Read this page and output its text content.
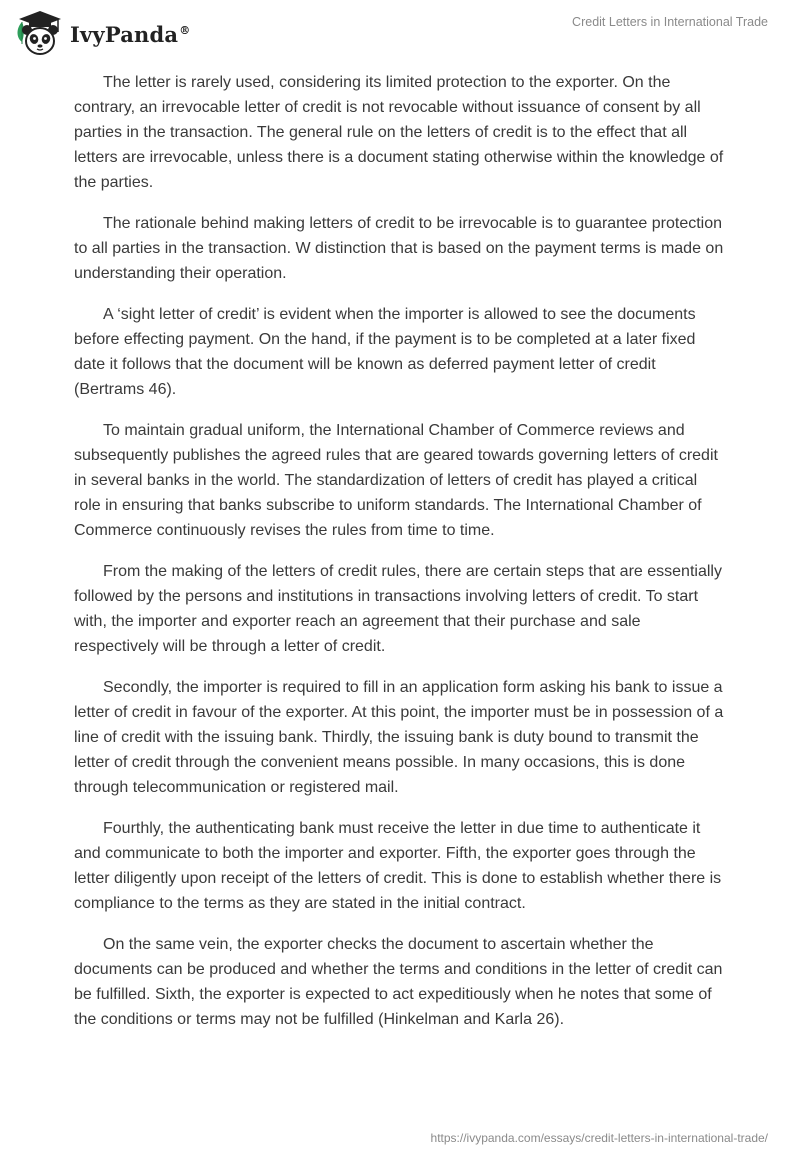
IvyPanda®
Credit Letters in International Trade

The letter is rarely used, considering its limited protection to the exporter. On the contrary, an irrevocable letter of credit is not revocable without issuance of consent by all parties in the transaction. The general rule on the letters of credit is to the effect that all letters are irrevocable, unless there is a document stating otherwise within the knowledge of the parties.

The rationale behind making letters of credit to be irrevocable is to guarantee protection to all parties in the transaction. W distinction that is based on the payment terms is made on understanding their operation.

A ‘sight letter of credit’ is evident when the importer is allowed to see the documents before effecting payment. On the hand, if the payment is to be completed at a later fixed date it follows that the document will be known as deferred payment letter of credit (Bertrams 46).

To maintain gradual uniform, the International Chamber of Commerce reviews and subsequently publishes the agreed rules that are geared towards governing letters of credit in several banks in the world. The standardization of letters of credit has played a critical role in ensuring that banks subscribe to uniform standards. The International Chamber of Commerce continuously revises the rules from time to time.

From the making of the letters of credit rules, there are certain steps that are essentially followed by the persons and institutions in transactions involving letters of credit. To start with, the importer and exporter reach an agreement that their purchase and sale respectively will be through a letter of credit.

Secondly, the importer is required to fill in an application form asking his bank to issue a letter of credit in favour of the exporter. At this point, the importer must be in possession of a line of credit with the issuing bank. Thirdly, the issuing bank is duty bound to transmit the letter of credit through the convenient means possible. In many occasions, this is done through telecommunication or registered mail.

Fourthly, the authenticating bank must receive the letter in due time to authenticate it and communicate to both the importer and exporter. Fifth, the exporter goes through the letter diligently upon receipt of the letters of credit. This is done to establish whether there is compliance to the terms as they are stated in the initial contract.

On the same vein, the exporter checks the document to ascertain whether the documents can be produced and whether the terms and conditions in the letter of credit can be fulfilled. Sixth, the exporter is expected to act expeditiously when he notes that some of the conditions or terms may not be fulfilled (Hinkelman and Karla 26).

https://ivypanda.com/essays/credit-letters-in-international-trade/
